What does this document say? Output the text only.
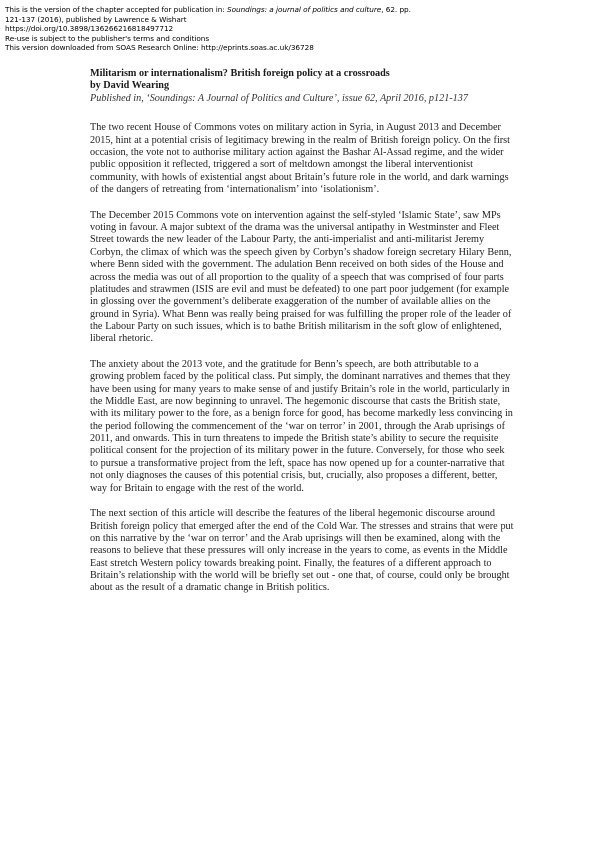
This is the version of the chapter accepted for publication in: Soundings: a journal of politics and culture, 62. pp.
121-137 (2016), published by Lawrence & Wishart
https://doi.org/10.3898/136266216818497712
Re-use is subject to the publisher's terms and conditions
This version downloaded from SOAS Research Online: http://eprints.soas.ac.uk/36728

Militarism or internationalism? British foreign policy at a crossroads

by David Wearing

Published in, ‘Soundings: A Journal of Politics and Culture’, issue 62, April 2016, p121-137

The two recent House of Commons votes on military action in Syria, in August 2013 and December 2015, hint at a potential crisis of legitimacy brewing in the realm of British foreign policy. On the first occasion, the vote not to authorise military action against the Bashar Al-Assad regime, and the wider public opposition it reflected, triggered a sort of meltdown amongst the liberal interventionist community, with howls of existential angst about Britain’s future role in the world, and dark warnings of the dangers of retreating from ‘internationalism’ into ‘isolationism’.

The December 2015 Commons vote on intervention against the self-styled ‘Islamic State’, saw MPs voting in favour. A major subtext of the drama was the universal antipathy in Westminster and Fleet Street towards the new leader of the Labour Party, the anti-imperialist and anti-militarist Jeremy Corbyn, the climax of which was the speech given by Corbyn’s shadow foreign secretary Hilary Benn, where Benn sided with the government. The adulation Benn received on both sides of the House and across the media was out of all proportion to the quality of a speech that was comprised of four parts platitudes and strawmen (ISIS are evil and must be defeated) to one part poor judgement (for example in glossing over the government’s deliberate exaggeration of the number of available allies on the ground in Syria). What Benn was really being praised for was fulfilling the proper role of the leader of the Labour Party on such issues, which is to bathe British militarism in the soft glow of enlightened, liberal rhetoric.

The anxiety about the 2013 vote, and the gratitude for Benn’s speech, are both attributable to a growing problem faced by the political class. Put simply, the dominant narratives and themes that they have been using for many years to make sense of and justify Britain’s role in the world, particularly in the Middle East, are now beginning to unravel. The hegemonic discourse that casts the British state, with its military power to the fore, as a benign force for good, has become markedly less convincing in the period following the commencement of the ‘war on terror’ in 2001, through the Arab uprisings of 2011, and onwards. This in turn threatens to impede the British state’s ability to secure the requisite political consent for the projection of its military power in the future. Conversely, for those who seek to pursue a transformative project from the left, space has now opened up for a counter-narrative that not only diagnoses the causes of this potential crisis, but, crucially, also proposes a different, better, way for Britain to engage with the rest of the world.

The next section of this article will describe the features of the liberal hegemonic discourse around British foreign policy that emerged after the end of the Cold War. The stresses and strains that were put on this narrative by the ‘war on terror’ and the Arab uprisings will then be examined, along with the reasons to believe that these pressures will only increase in the years to come, as events in the Middle East stretch Western policy towards breaking point. Finally, the features of a different approach to Britain’s relationship with the world will be briefly set out - one that, of course, could only be brought about as the result of a dramatic change in British politics.
